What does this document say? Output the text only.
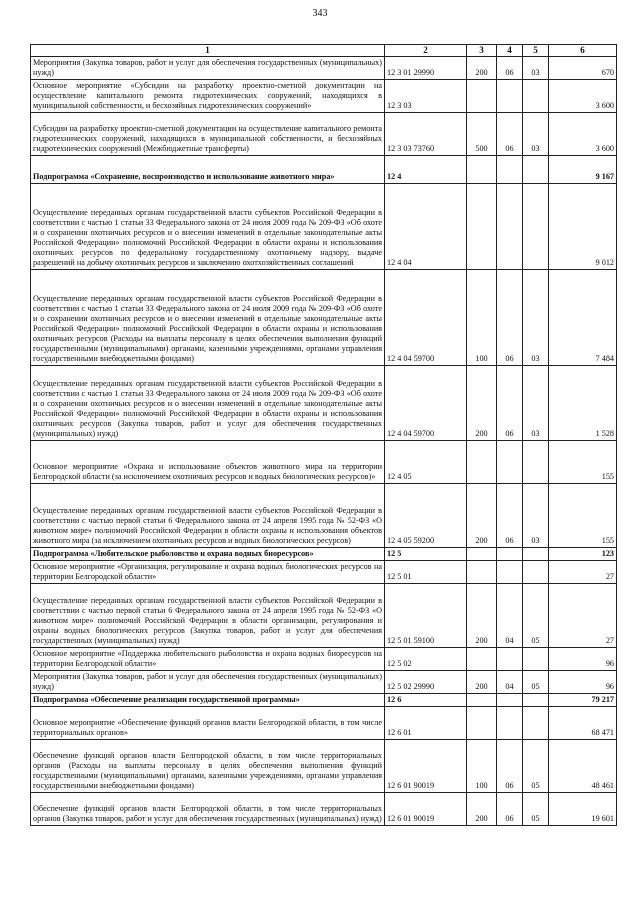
343
1	2	3	4	5	6
Мероприятия (Закупка товаров, работ и услуг для обеспечения государственных (муниципальных) нужд)	12 3 01 29990	200	06	03	670
Основное мероприятие «Субсидии на разработку проектно-сметной документации на осуществление капитального ремонта гидротехнических сооружений, находящихся в муниципальной собственности, и бесхозяйных гидротехнических сооружений»	12 3 03				3 600
Субсидии на разработку проектно-сметной документации на осуществление капитального ремонта гидротехнических сооружений, находящихся в муниципальной собственности, и бесхозяйных гидротехнических сооружений (Межбюджетные трансферты)	12 3 03 73760	500	06	03	3 600
Подпрограмма «Сохранение, воспроизводство и использование животного мира»	12 4				9 167
Осуществление переданных органам государственной власти субъектов Российской Федерации в соответствии с частью 1 статьи 33 Федерального закона от 24 июля 2009 года № 209-ФЗ «Об охоте и о сохранении охотничьих ресурсов и о внесении изменений в отдельные законодательные акты Российской Федерации» полномочий Российской Федерации в области охраны и использования охотничьих ресурсов по федеральному государственному охотничьему надзору, выдаче разрешений на добычу охотничьих ресурсов и заключению охотхозяйственных соглашений	12 4 04				9 012
Осуществление переданных органам государственной власти субъектов Российской Федерации в соответствии с частью 1 статьи 33 Федерального закона от 24 июля 2009 года № 209-ФЗ «Об охоте и о сохранении охотничьих ресурсов и о внесении изменений в отдельные законодательные акты Российской Федерации» полномочий Российской Федерации в области охраны и использования охотничьих ресурсов (Расходы на выплаты персоналу в целях обеспечения выполнения функций государственными (муниципальными) органами, казенными учреждениями, органами управления государственными внебюджетными фондами)	12 4 04 59700	100	06	03	7 484
Осуществление переданных органам государственной власти субъектов Российской Федерации в соответствии с частью 1 статьи 33 Федерального закона от 24 июля 2009 года № 209-ФЗ «Об охоте и о сохранении охотничьих ресурсов и о внесении изменений в отдельные законодательные акты Российской Федерации» полномочий Российской Федерации в области охраны и использования охотничьих ресурсов (Закупка товаров, работ и услуг для обеспечения государственных (муниципальных) нужд)	12 4 04 59700	200	06	03	1 528
Основное мероприятие «Охрана и использование объектов животного мира на территории Белгородской области (за исключением охотничьих ресурсов и водных биологических ресурсов)»	12 4 05				155
Осуществление переданных органам государственной власти субъектов Российской Федерации в соответствии с частью первой статьи 6 Федерального закона от 24 апреля 1995 года № 52-ФЗ «О животном мире» полномочий Российской Федерации в области охраны и использования объектов животного мира (за исключением охотничьих ресурсов и водных биологических ресурсов)	12 4 05 59200	200	06	03	155
Подпрограмма «Любительское рыболовство и охрана водных биоресурсов»	12 5				123
Основное мероприятие «Организация, регулирование и охрана водных биологических ресурсов на территории Белгородской области»	12 5 01				27
Осуществление переданных органам государственной власти субъектов Российской Федерации в соответствии с частью первой статьи 6 Федерального закона от 24 апреля 1995 года № 52-ФЗ «О животном мире» полномочий Российской Федерации в области организации, регулирования и охраны водных биологических ресурсов (Закупка товаров, работ и услуг для обеспечения государственных (муниципальных) нужд)	12 5 01 59100	200	04	05	27
Основное мероприятие «Поддержка любительского рыболовства и охрана водных биоресурсов на территории Белгородской области»	12 5 02				96
Мероприятия (Закупка товаров, работ и услуг для обеспечения государственных (муниципальных) нужд)	12 5 02 29990	200	04	05	96
Подпрограмма «Обеспечение реализации государственной программы»	12 6				79 217
Основное мероприятие «Обеспечение функций органов власти Белгородской области, в том числе территориальных органов»	12 6 01				68 471
Обеспечение функций органов власти Белгородской области, в том числе территориальных органов (Расходы на выплаты персоналу в целях обеспечения выполнения функций государственными (муниципальными) органами, казенными учреждениями, органами управления государственными внебюджетными фондами)	12 6 01 90019	100	06	05	48 461
Обеспечение функций органов власти Белгородской области, в том числе территориальных органов (Закупка товаров, работ и услуг для обеспечения государственных (муниципальных) нужд)	12 6 01 90019	200	06	05	19 601
